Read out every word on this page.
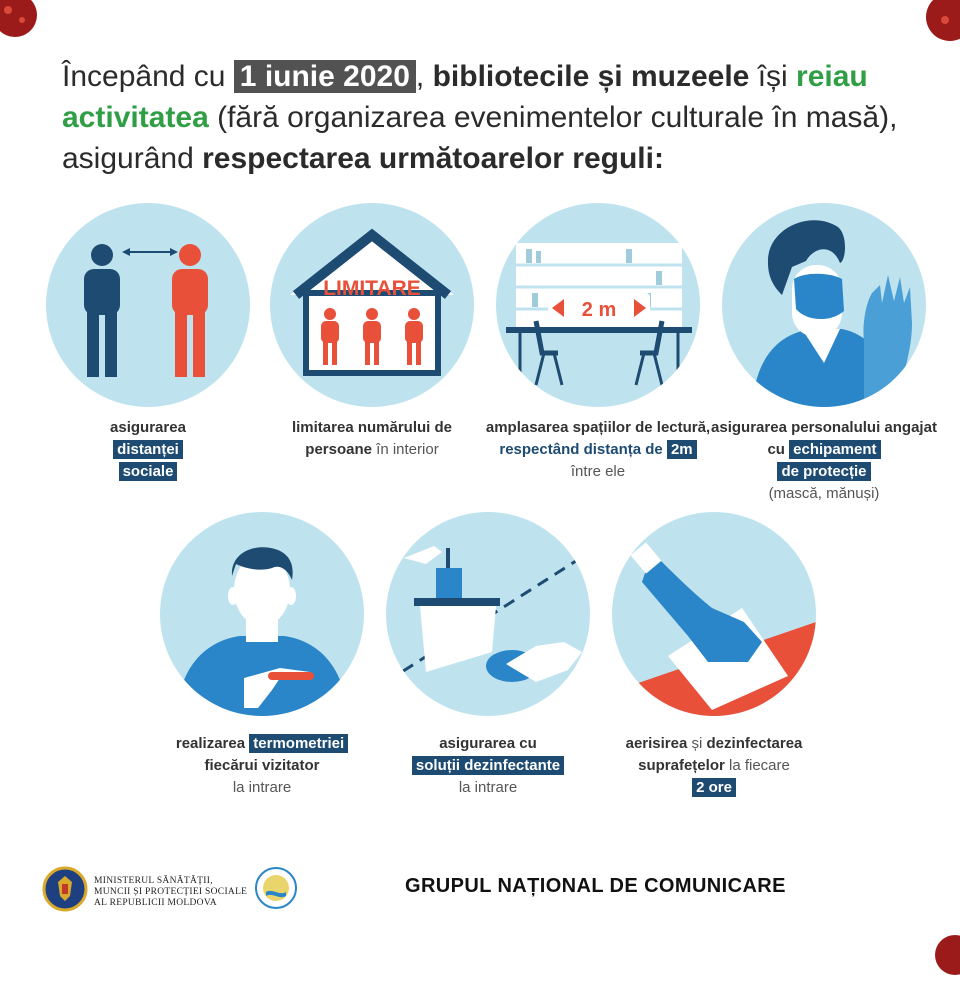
Începând cu 1 iunie 2020 , bibliotecile și muzeele își reiau activitatea (fără organizarea evenimentelor culturale în masă), asigurând respectarea următoarelor reguli:
asigurarea
distanței
sociale
LIMITARE
limitarea numărului de persoane în interior
2 m
amplasarea spațiilor de lectură, respectând distanța de 2m
între ele
asigurarea personalului angajat cu echipament
de protecție
(mască, mănuși)
realizarea termometriei
fiecărui vizitator
la intrare
asigurarea cu
soluții dezinfectante
la intrare
aerisirea și dezinfectarea
suprafețelor la fiecare
2 ore
MINISTERUL SĂNĂTĂȚII,
MUNCII ȘI PROTECȚIEI SOCIALE
AL REPUBLICII MOLDOVA
GRUPUL NAȚIONAL DE COMUNICARE
